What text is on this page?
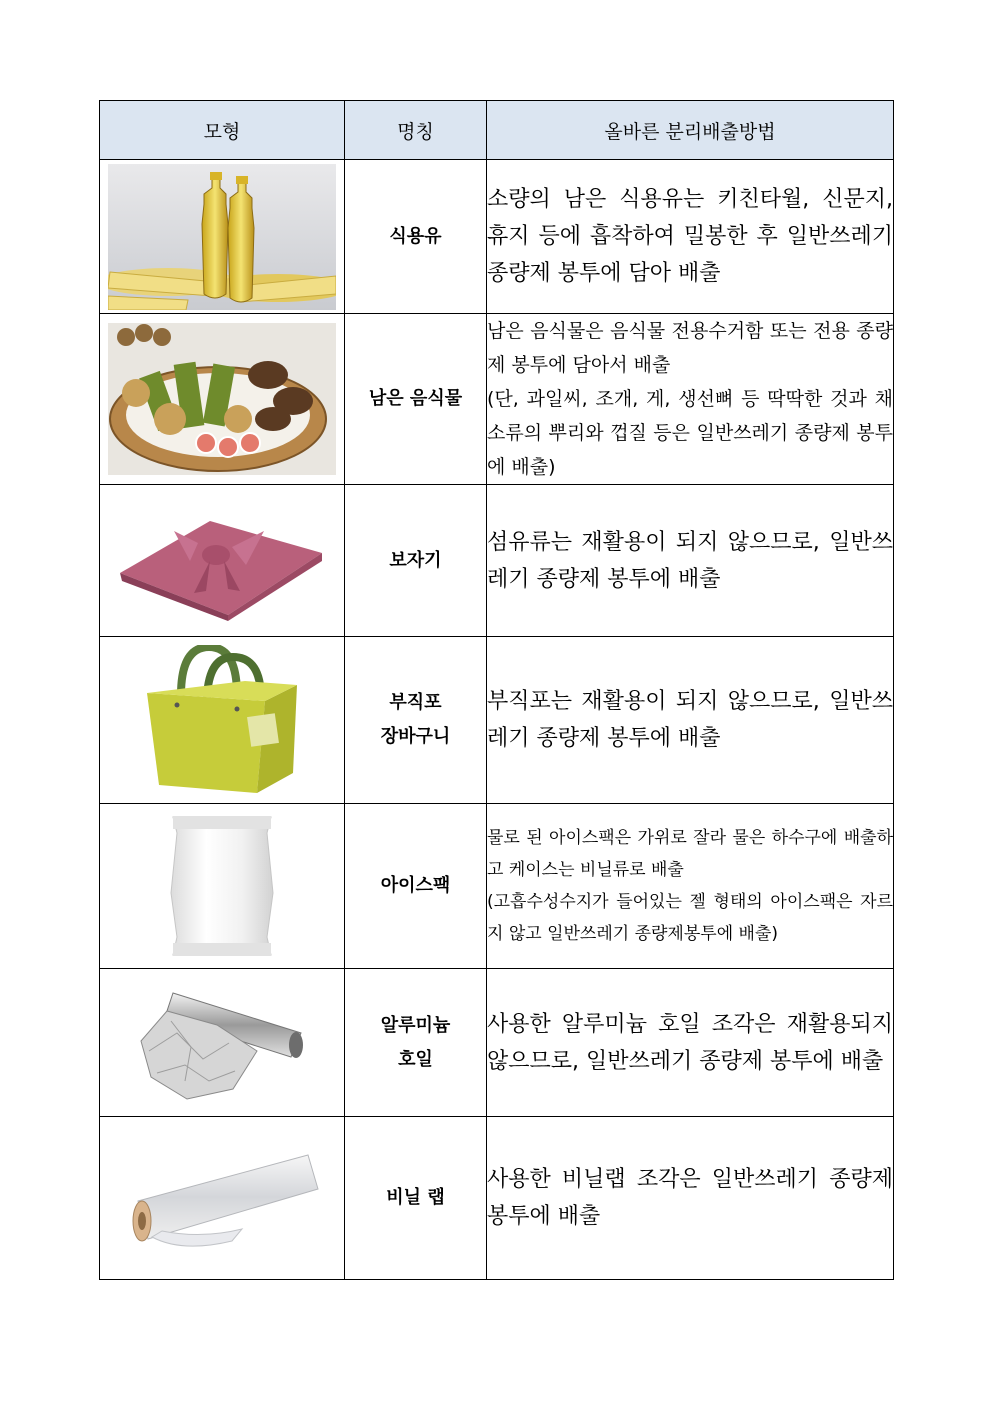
모형	명칭	올바른 분리배출방법

식용유	소량의 남은 식용유는 키친타월, 신문지, 휴지 등에 흡착하여 밀봉한 후 일반쓰레기 종량제 봉투에 담아 배출

남은 음식물	남은 음식물은 음식물 전용수거함 또는 전용 종량제 봉투에 담아서 배출
(단, 과일씨, 조개, 게, 생선뼈 등 딱딱한 것과 채소류의 뿌리와 껍질 등은 일반쓰레기 종량제 봉투에 배출)

보자기	섬유류는 재활용이 되지 않으므로, 일반쓰레기 종량제 봉투에 배출

부직포
장바구니	부직포는 재활용이 되지 않으므로, 일반쓰레기 종량제 봉투에 배출

아이스팩	물로 된 아이스팩은 가위로 잘라 물은 하수구에 배출하고 케이스는 비닐류로 배출
(고흡수성수지가 들어있는 젤 형태의 아이스팩은 자르지 않고 일반쓰레기 종량제봉투에 배출)

알루미늄
호일	사용한 알루미늄 호일 조각은 재활용되지 않으므로, 일반쓰레기 종량제 봉투에 배출

비닐 랩	사용한 비닐랩 조각은 일반쓰레기 종량제 봉투에 배출
